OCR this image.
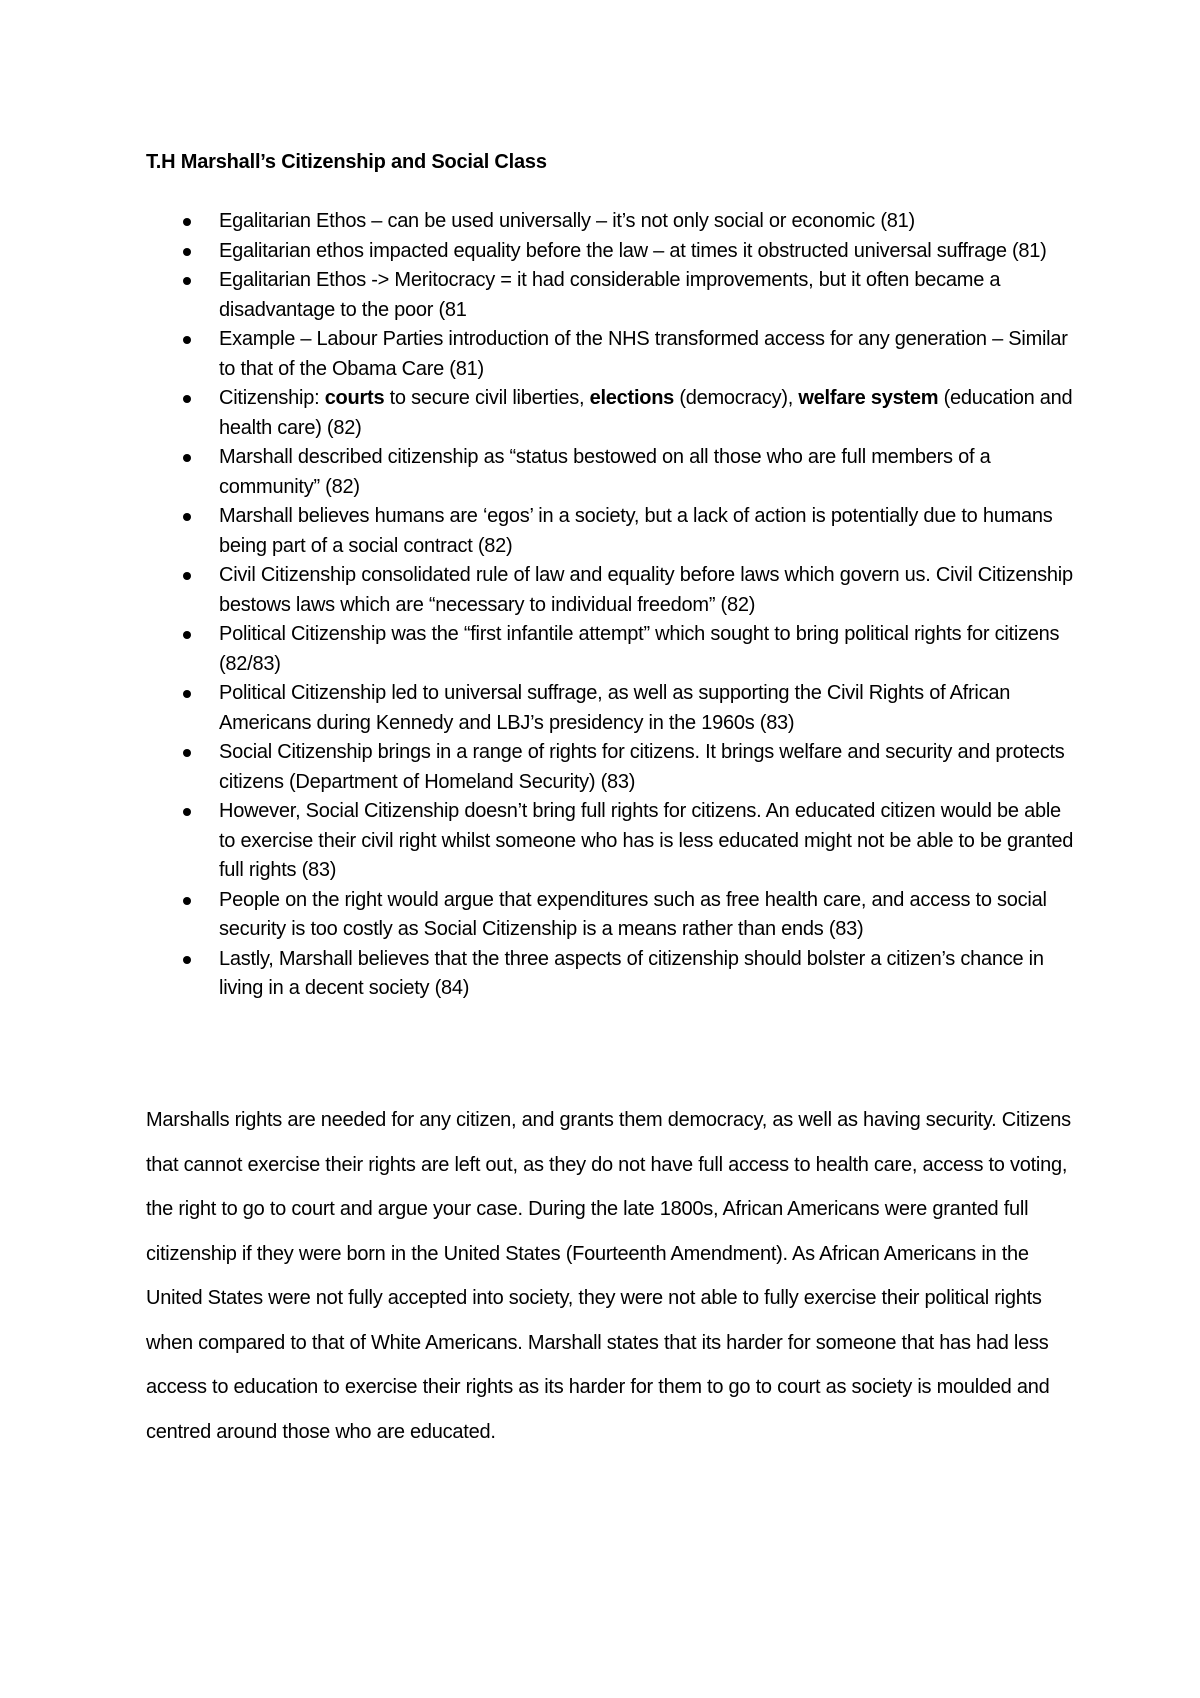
T.H Marshall’s Citizenship and Social Class
Egalitarian Ethos – can be used universally – it’s not only social or economic (81)
Egalitarian ethos impacted equality before the law – at times it obstructed universal suffrage (81)
Egalitarian Ethos -> Meritocracy = it had considerable improvements, but it often became a disadvantage to the poor (81
Example – Labour Parties introduction of the NHS transformed access for any generation – Similar to that of the Obama Care (81)
Citizenship: courts to secure civil liberties, elections (democracy), welfare system (education and health care) (82)
Marshall described citizenship as “status bestowed on all those who are full members of a community” (82)
Marshall believes humans are ‘egos’ in a society, but a lack of action is potentially due to humans being part of a social contract (82)
Civil Citizenship consolidated rule of law and equality before laws which govern us. Civil Citizenship bestows laws which are “necessary to individual freedom” (82)
Political Citizenship was the “first infantile attempt” which sought to bring political rights for citizens (82/83)
Political Citizenship led to universal suffrage, as well as supporting the Civil Rights of African Americans during Kennedy and LBJ’s presidency in the 1960s (83)
Social Citizenship brings in a range of rights for citizens. It brings welfare and security and protects citizens (Department of Homeland Security) (83)
However, Social Citizenship doesn’t bring full rights for citizens. An educated citizen would be able to exercise their civil right whilst someone who has is less educated might not be able to be granted full rights (83)
People on the right would argue that expenditures such as free health care, and access to social security is too costly as Social Citizenship is a means rather than ends (83)
Lastly, Marshall believes that the three aspects of citizenship should bolster a citizen’s chance in living in a decent society (84)

Marshalls rights are needed for any citizen, and grants them democracy, as well as having security. Citizens that cannot exercise their rights are left out, as they do not have full access to health care, access to voting, the right to go to court and argue your case. During the late 1800s, African Americans were granted full citizenship if they were born in the United States (Fourteenth Amendment). As African Americans in the United States were not fully accepted into society, they were not able to fully exercise their political rights when compared to that of White Americans. Marshall states that its harder for someone that has had less access to education to exercise their rights as its harder for them to go to court as society is moulded and centred around those who are educated.
